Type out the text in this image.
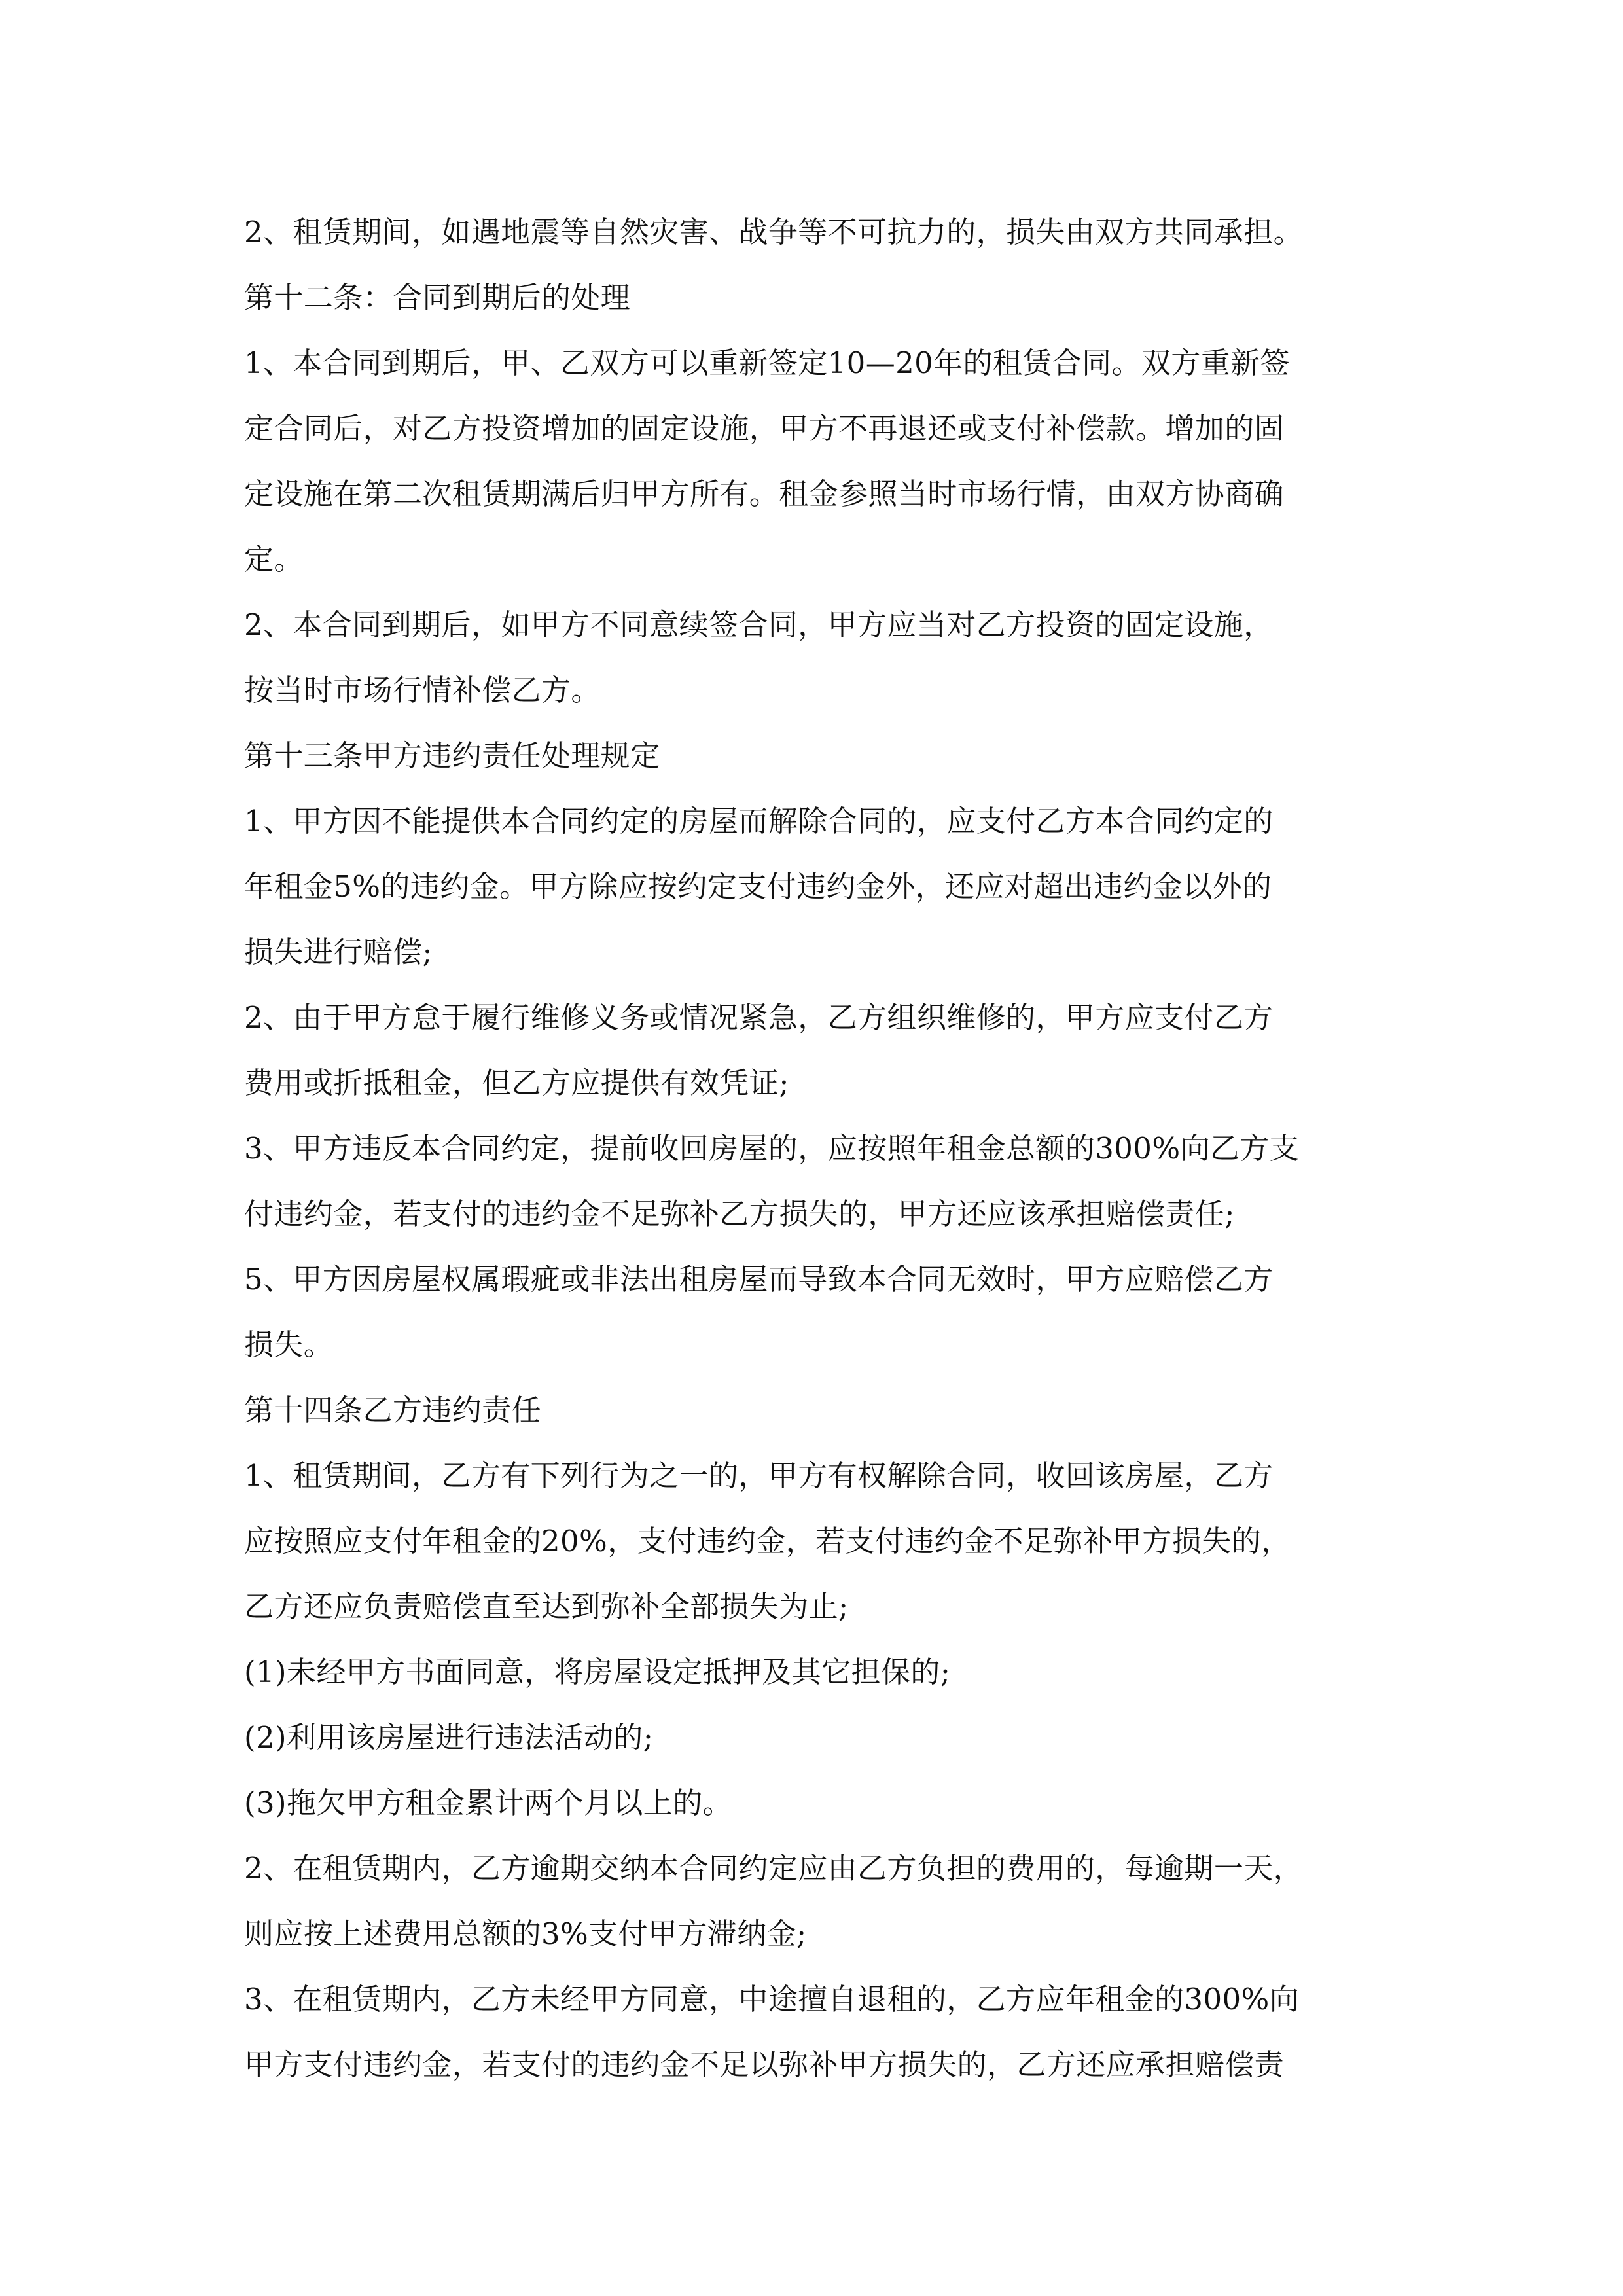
2、租赁期间，如遇地震等自然灾害、战争等不可抗力的，损失由双方共同承担。
第十二条：合同到期后的处理
1、本合同到期后，甲、乙双方可以重新签定10—20年的租赁合同。双方重新签
定合同后，对乙方投资增加的固定设施，甲方不再退还或支付补偿款。增加的固
定设施在第二次租赁期满后归甲方所有。租金参照当时市场行情，由双方协商确
定。
2、本合同到期后，如甲方不同意续签合同，甲方应当对乙方投资的固定设施，
按当时市场行情补偿乙方。
第十三条甲方违约责任处理规定
1、甲方因不能提供本合同约定的房屋而解除合同的，应支付乙方本合同约定的
年租金5%的违约金。甲方除应按约定支付违约金外，还应对超出违约金以外的
损失进行赔偿;
2、由于甲方怠于履行维修义务或情况紧急，乙方组织维修的，甲方应支付乙方
费用或折抵租金，但乙方应提供有效凭证;
3、甲方违反本合同约定，提前收回房屋的，应按照年租金总额的300%向乙方支
付违约金，若支付的违约金不足弥补乙方损失的，甲方还应该承担赔偿责任;
5、甲方因房屋权属瑕疵或非法出租房屋而导致本合同无效时，甲方应赔偿乙方
损失。
第十四条乙方违约责任
1、租赁期间，乙方有下列行为之一的，甲方有权解除合同，收回该房屋，乙方
应按照应支付年租金的20%，支付违约金，若支付违约金不足弥补甲方损失的，
乙方还应负责赔偿直至达到弥补全部损失为止;
(1)未经甲方书面同意，将房屋设定抵押及其它担保的;
(2)利用该房屋进行违法活动的;
(3)拖欠甲方租金累计两个月以上的。
2、在租赁期内，乙方逾期交纳本合同约定应由乙方负担的费用的，每逾期一天，
则应按上述费用总额的3%支付甲方滞纳金;
3、在租赁期内，乙方未经甲方同意，中途擅自退租的，乙方应年租金的300%向
甲方支付违约金，若支付的违约金不足以弥补甲方损失的，乙方还应承担赔偿责
